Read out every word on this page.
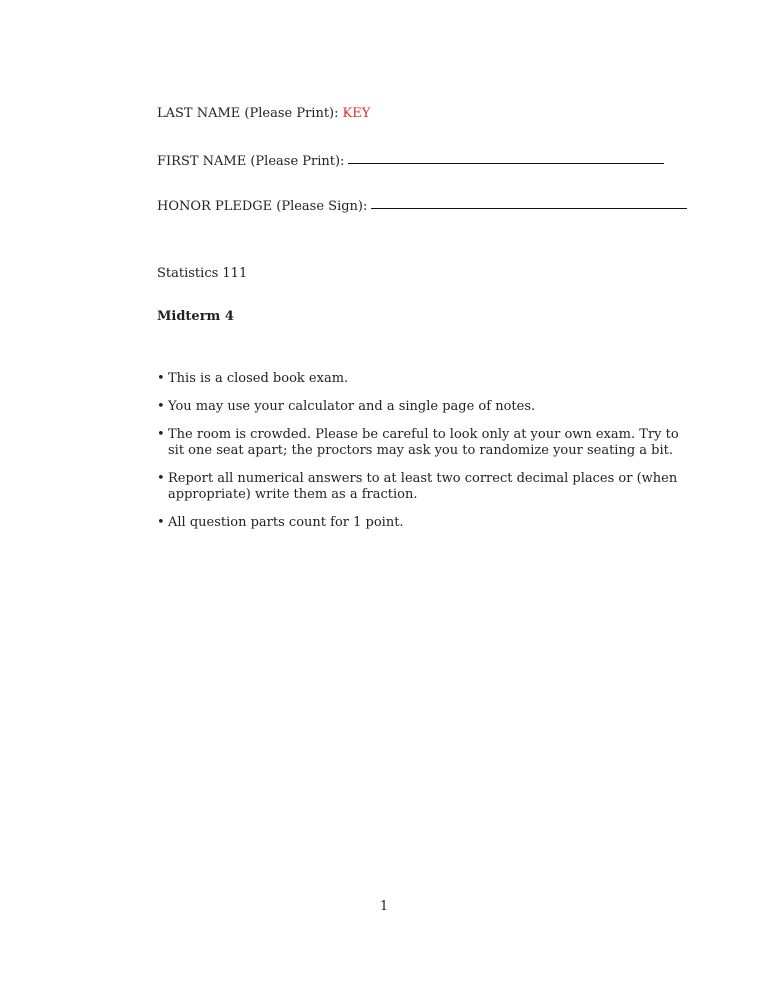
LAST NAME (Please Print): KEY
FIRST NAME (Please Print):
HONOR PLEDGE (Please Sign):
Statistics 111
Midterm 4
• This is a closed book exam.
• You may use your calculator and a single page of notes.
• The room is crowded. Please be careful to look only at your own exam. Try to sit one seat apart; the proctors may ask you to randomize your seating a bit.
• Report all numerical answers to at least two correct decimal places or (when appropriate) write them as a fraction.
• All question parts count for 1 point.
1
